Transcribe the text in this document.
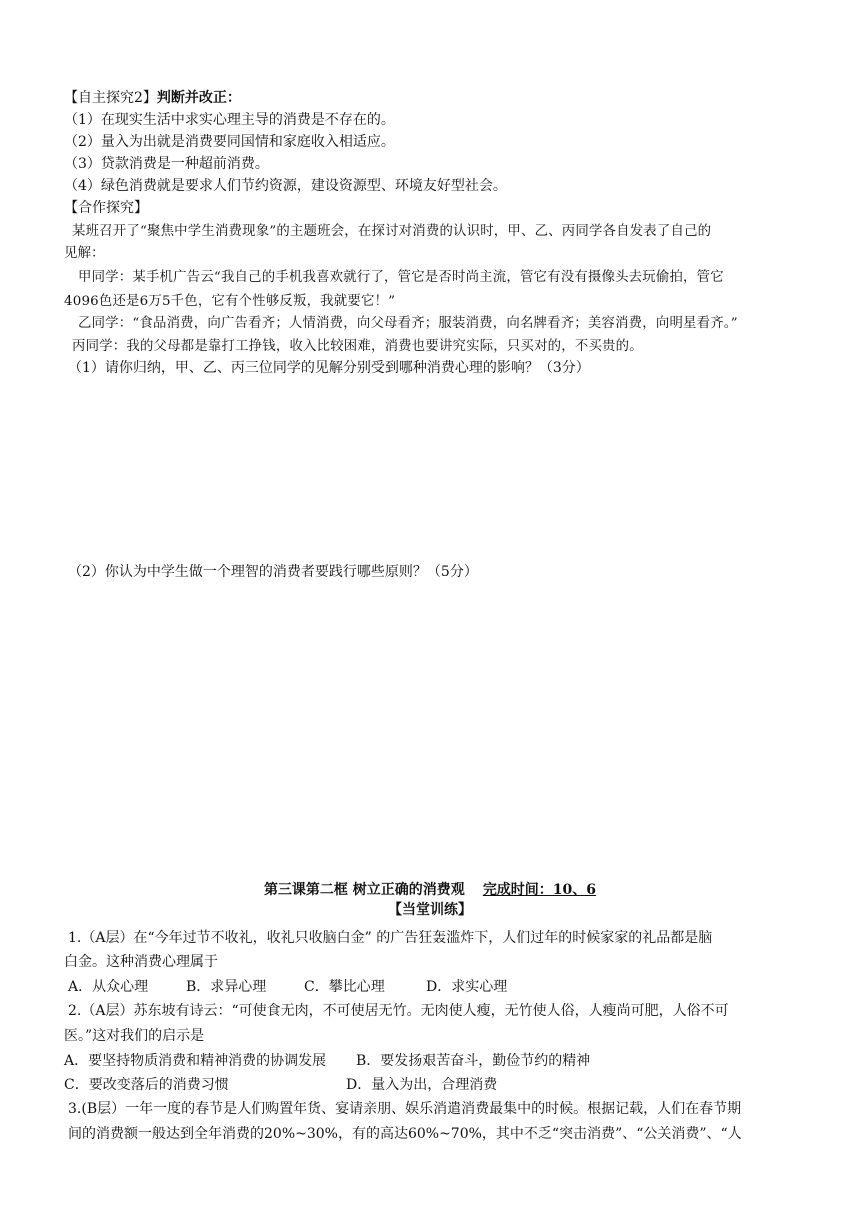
【自主探究2】判断并改正：
（1）在现实生活中求实心理主导的消费是不存在的。
（2）量入为出就是消费要同国情和家庭收入相适应。
（3）贷款消费是一种超前消费。
（4）绿色消费就是要求人们节约资源，建设资源型、环境友好型社会。
【合作探究】
某班召开了“聚焦中学生消费现象”的主题班会，在探讨对消费的认识时，甲、乙、丙同学各自发表了自己的
见解：
甲同学：某手机广告云“我自己的手机我喜欢就行了，管它是否时尚主流，管它有没有摄像头去玩偷拍，管它
4096色还是6万5千色，它有个性够反叛，我就要它！”
乙同学：“食品消费，向广告看齐；人情消费，向父母看齐；服装消费，向名牌看齐；美容消费，向明星看齐。”
丙同学：我的父母都是靠打工挣钱，收入比较困难，消费也要讲究实际，只买对的，不买贵的。
（1）请你归纳，甲、乙、丙三位同学的见解分别受到哪种消费心理的影响？（3分）
（2）你认为中学生做一个理智的消费者要践行哪些原则？（5分）
第三课第二框 树立正确的消费观 完成时间：10、6
【当堂训练】
1.（A层）在“今年过节不收礼，收礼只收脑白金” 的广告狂轰滥炸下，人们过年的时候家家的礼品都是脑
白金。这种消费心理属于
A．从众心理	B．求异心理	C．攀比心理	D．求实心理
2.（A层）苏东坡有诗云：“可使食无肉，不可使居无竹。无肉使人瘦，无竹使人俗，人瘦尚可肥，人俗不可
医。”这对我们的启示是
A．要坚持物质消费和精神消费的协调发展 B．要发扬艰苦奋斗，勤俭节约的精神
C．要改变落后的消费习惯	D．量入为出，合理消费
3.(B层）一年一度的春节是人们购置年货、宴请亲朋、娱乐消遣消费最集中的时候。根据记载，人们在春节期
间的消费额一般达到全年消费的20%~30%，有的高达60%~70%，其中不乏“突击消费”、“公关消费”、“人
